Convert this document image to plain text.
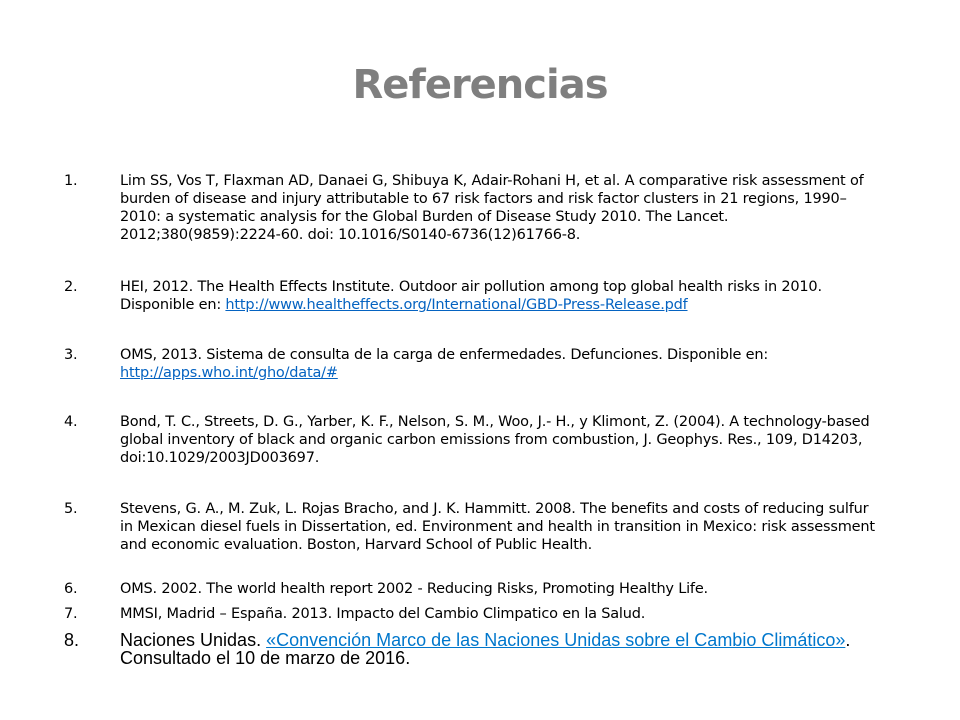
Referencias
1.	Lim SS, Vos T, Flaxman AD, Danaei G, Shibuya K, Adair-Rohani H, et al. A comparative risk assessment of burden of disease and injury attributable to 67 risk factors and risk factor clusters in 21 regions, 1990–2010: a systematic analysis for the Global Burden of Disease Study 2010. The Lancet. 2012;380(9859):2224-60. doi: 10.1016/S0140-6736(12)61766-8.
2.	HEI, 2012. The Health Effects Institute. Outdoor air pollution among top global health risks in 2010. Disponible en: http://www.healtheffects.org/International/GBD-Press-Release.pdf
3.	OMS, 2013. Sistema de consulta de la carga de enfermedades. Defunciones. Disponible en: http://apps.who.int/gho/data/#
4.	Bond, T. C., Streets, D. G., Yarber, K. F., Nelson, S. M., Woo, J.- H., y Klimont, Z. (2004). A technology-based global inventory of black and organic carbon emissions from combustion, J. Geophys. Res., 109, D14203, doi:10.1029/2003JD003697.
5.	Stevens, G. A., M. Zuk, L. Rojas Bracho, and J. K. Hammitt. 2008. The benefits and costs of reducing sulfur in Mexican diesel fuels in Dissertation, ed. Environment and health in transition in Mexico: risk assessment and economic evaluation. Boston, Harvard School of Public Health.
6.	OMS. 2002. The world health report 2002 - Reducing Risks, Promoting Healthy Life.
7.	MMSI, Madrid – España. 2013. Impacto del Cambio Climpatico en la Salud.
8.	Naciones Unidas. «Convención Marco de las Naciones Unidas sobre el Cambio Climático». Consultado el 10 de marzo de 2016.
